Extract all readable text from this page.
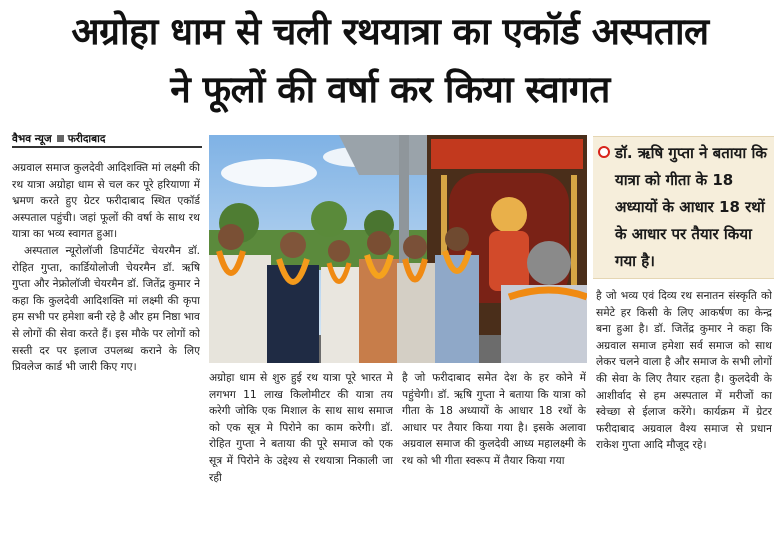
अग्रोहा धाम से चली रथयात्रा का एकॉर्ड अस्पताल
ने फूलों की वर्षा कर किया स्वागत
वैभव न्यूज फरीदाबाद

अग्रवाल समाज कुलदेवी आदिशक्ति मां लक्ष्मी की रथ यात्रा अग्रोहा धाम से चल कर पूरे हरियाणा में भ्रमण करते हुए ग्रेटर फरीदाबाद स्थित एकॉर्ड अस्पताल पहुंची। जहां फूलों की वर्षा के साथ रथ यात्रा का भव्य स्वागत हुआ।

अस्पताल न्यूरोलॉजी डिपार्टमेंट चेयरमैन डॉ. रोहित गुप्ता, कार्डियोलोजी चेयरमैन डॉ. ऋषि गुप्ता और नेफ्रोलॉजी चेयरमैन डॉ. जितेंद्र कुमार ने कहा कि कुलदेवी आदिशक्ति मां लक्ष्मी की कृपा हम सभी पर हमेशा बनी रहे है और हम निष्ठा भाव से लोगों की सेवा करते हैं। इस मौके पर लोगों को सस्ती दर पर इलाज उपलब्ध कराने के लिए प्रिवलेज कार्ड भी जारी किए गए।

अग्रोहा धाम से शुरु हुई रथ यात्रा पूरे भारत मे लगभग 11 लाख किलोमीटर की यात्रा तय करेगी जोकि एक मिशाल के साथ साथ समाज को एक सूत्र मे पिरोने का काम करेगी। डॉ. रोहित गुप्ता ने बताया की पूरे समाज को एक सूत्र में पिरोने के उद्देश्य से रथयात्रा निकाली जा रही
है जो फरीदाबाद समेत देश के हर कोने में पहुंचेगी। डॉ. ऋषि गुप्ता ने बताया कि यात्रा को गीता के 18 अध्यायों के आधार 18 रथों के आधार पर तैयार किया गया है। इसके अलावा अग्रवाल समाज की कुलदेवी आध्य महालक्ष्मी के रथ को भी गीता स्वरूप में तैयार किया गया
डॉ. ऋषि गुप्ता ने बताया कि यात्रा को गीता के 18 अध्यायों के आधार 18 रथों के आधार पर तैयार किया गया है।
है जो भव्य एवं दिव्य रथ सनातन संस्कृति को समेटे हर किसी के लिए आकर्षण का केन्द्र बना हुआ है। डॉ. जितेंद्र कुमार ने कहा कि अग्रवाल समाज हमेशा सर्व समाज को साथ लेकर चलने वाला है और समाज के सभी लोगों की सेवा के लिए तैयार रहता है। कुलदेवी के आशीर्वाद से हम अस्पताल में मरीजों का स्वेच्छा से ईलाज करेंगे। कार्यक्रम में ग्रेटर फरीदाबाद अग्रवाल वैश्य समाज से प्रधान राकेश गुप्ता आदि मौजूद रहे।
